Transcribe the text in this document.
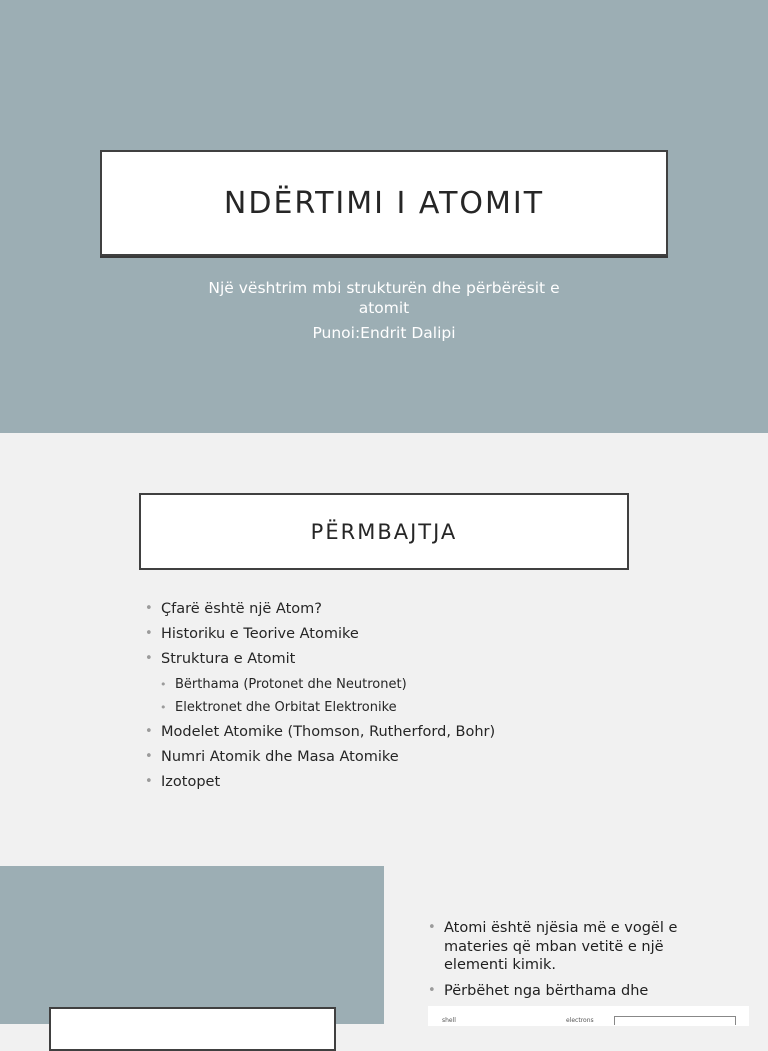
NDËRTIMI I ATOMIT
Një vështrim mbi strukturën dhe përbërësit e atomit
Punoi:Endrit Dalipi
PËRMBAJTJA
• Çfarë është një Atom?
• Historiku e Teorive Atomike
• Struktura e Atomit
• Bërthama (Protonet dhe Neutronet)
• Elektronet dhe Orbitat Elektronike
• Modelet Atomike (Thomson, Rutherford, Bohr)
• Numri Atomik dhe Masa Atomike
• Izotopet
• Atomi është njësia më e vogël e materies që mban vetitë e një elementi kimik.
• Përbëhet nga bërthama dhe
shell	electrons
